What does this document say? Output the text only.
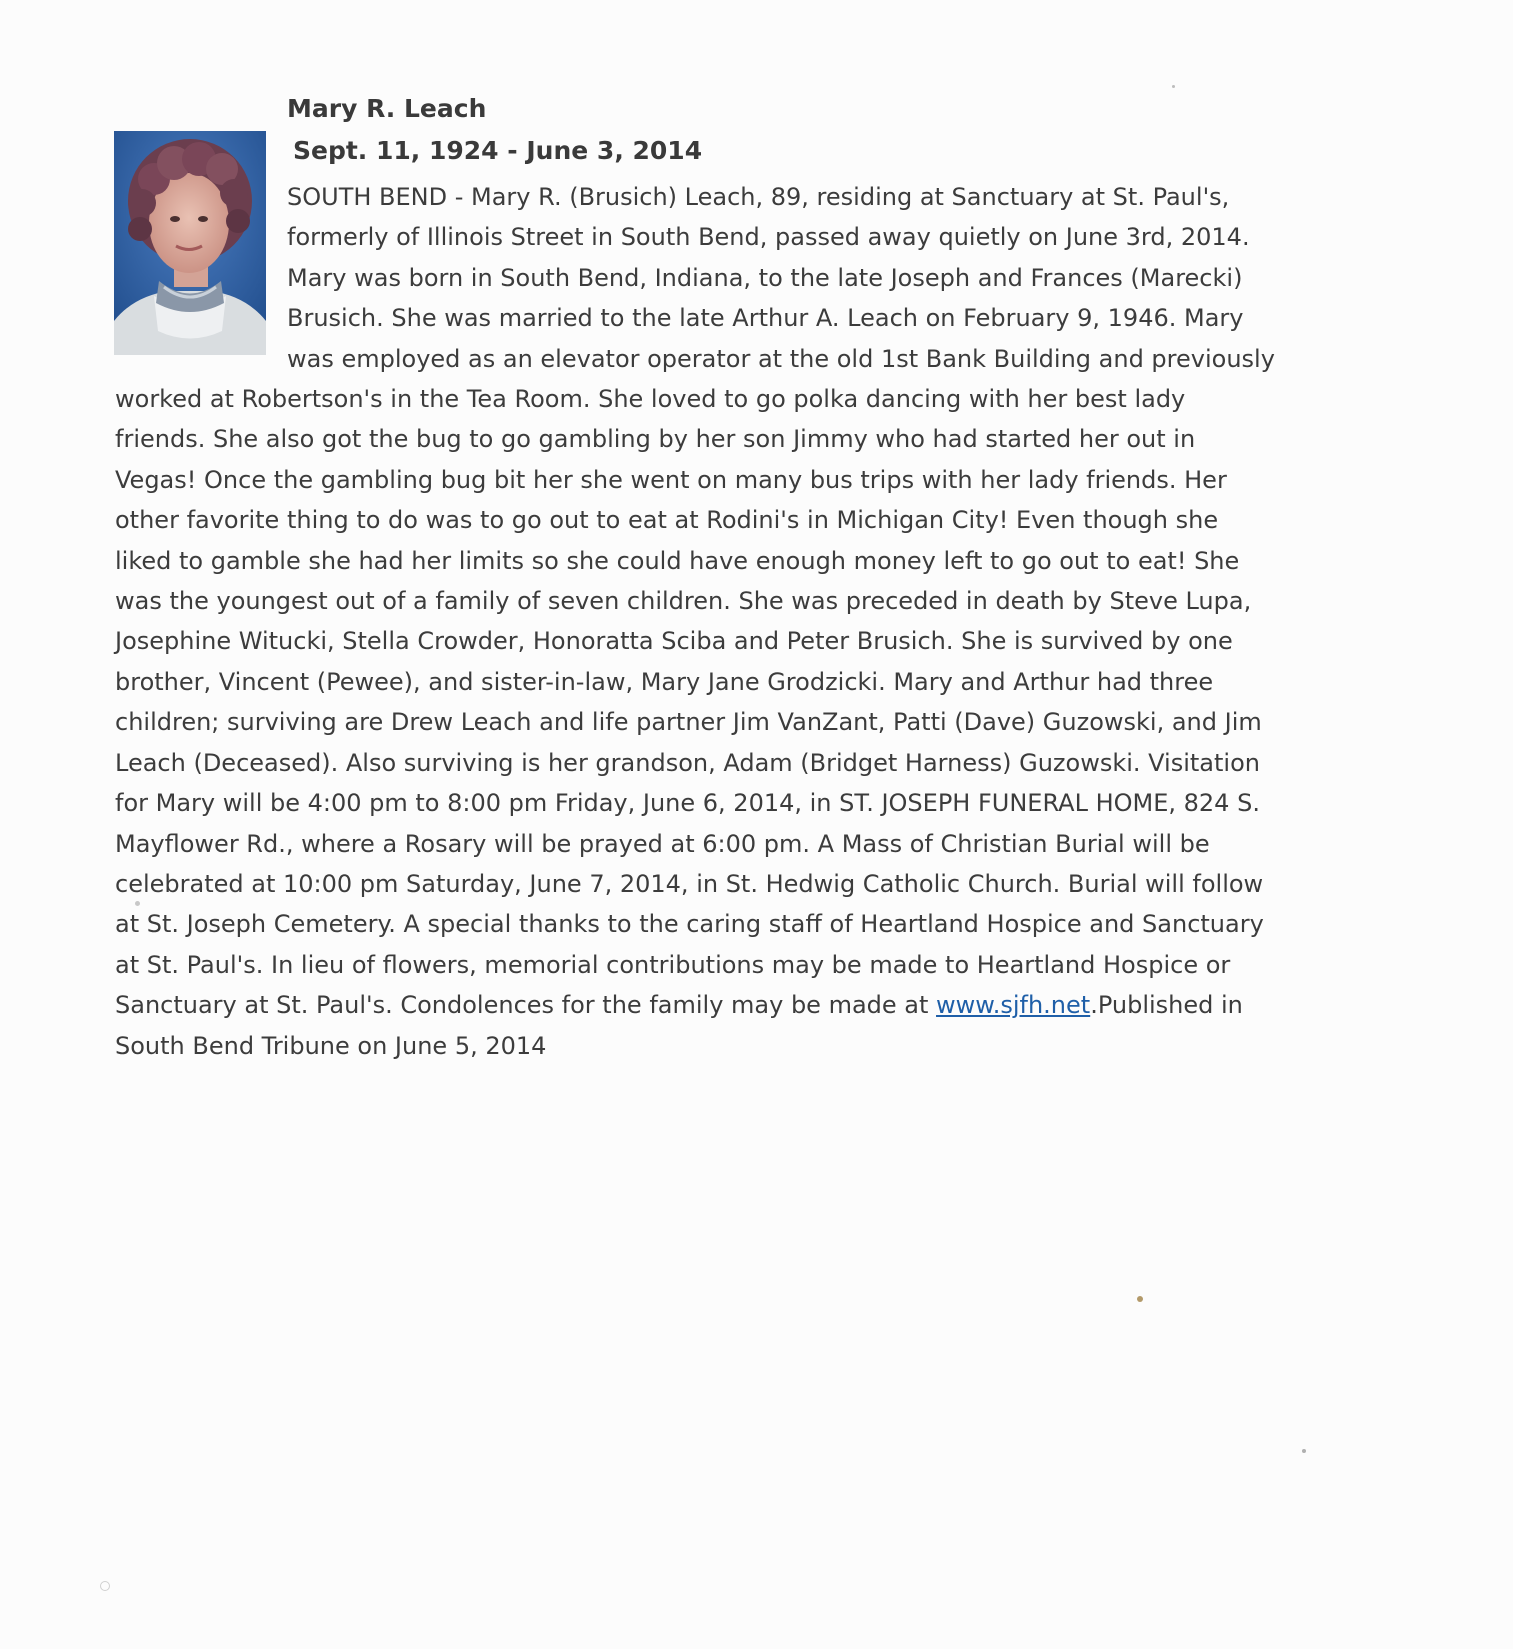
Mary R. Leach
Sept. 11, 1924 - June 3, 2014
SOUTH BEND - Mary R. (Brusich) Leach, 89, residing at Sanctuary at St. Paul's,
formerly of Illinois Street in South Bend, passed away quietly on June 3rd, 2014.
Mary was born in South Bend, Indiana, to the late Joseph and Frances (Marecki)
Brusich. She was married to the late Arthur A. Leach on February 9, 1946. Mary
was employed as an elevator operator at the old 1st Bank Building and previously
worked at Robertson's in the Tea Room. She loved to go polka dancing with her best lady
friends. She also got the bug to go gambling by her son Jimmy who had started her out in
Vegas! Once the gambling bug bit her she went on many bus trips with her lady friends. Her
other favorite thing to do was to go out to eat at Rodini's in Michigan City! Even though she
liked to gamble she had her limits so she could have enough money left to go out to eat! She
was the youngest out of a family of seven children. She was preceded in death by Steve Lupa,
Josephine Witucki, Stella Crowder, Honoratta Sciba and Peter Brusich. She is survived by one
brother, Vincent (Pewee), and sister-in-law, Mary Jane Grodzicki. Mary and Arthur had three
children; surviving are Drew Leach and life partner Jim VanZant, Patti (Dave) Guzowski, and Jim
Leach (Deceased). Also surviving is her grandson, Adam (Bridget Harness) Guzowski. Visitation
for Mary will be 4:00 pm to 8:00 pm Friday, June 6, 2014, in ST. JOSEPH FUNERAL HOME, 824 S.
Mayflower Rd., where a Rosary will be prayed at 6:00 pm. A Mass of Christian Burial will be
celebrated at 10:00 pm Saturday, June 7, 2014, in St. Hedwig Catholic Church. Burial will follow
at St. Joseph Cemetery. A special thanks to the caring staff of Heartland Hospice and Sanctuary
at St. Paul's. In lieu of flowers, memorial contributions may be made to Heartland Hospice or
Sanctuary at St. Paul's. Condolences for the family may be made at www.sjfh.net.Published in
South Bend Tribune on June 5, 2014
